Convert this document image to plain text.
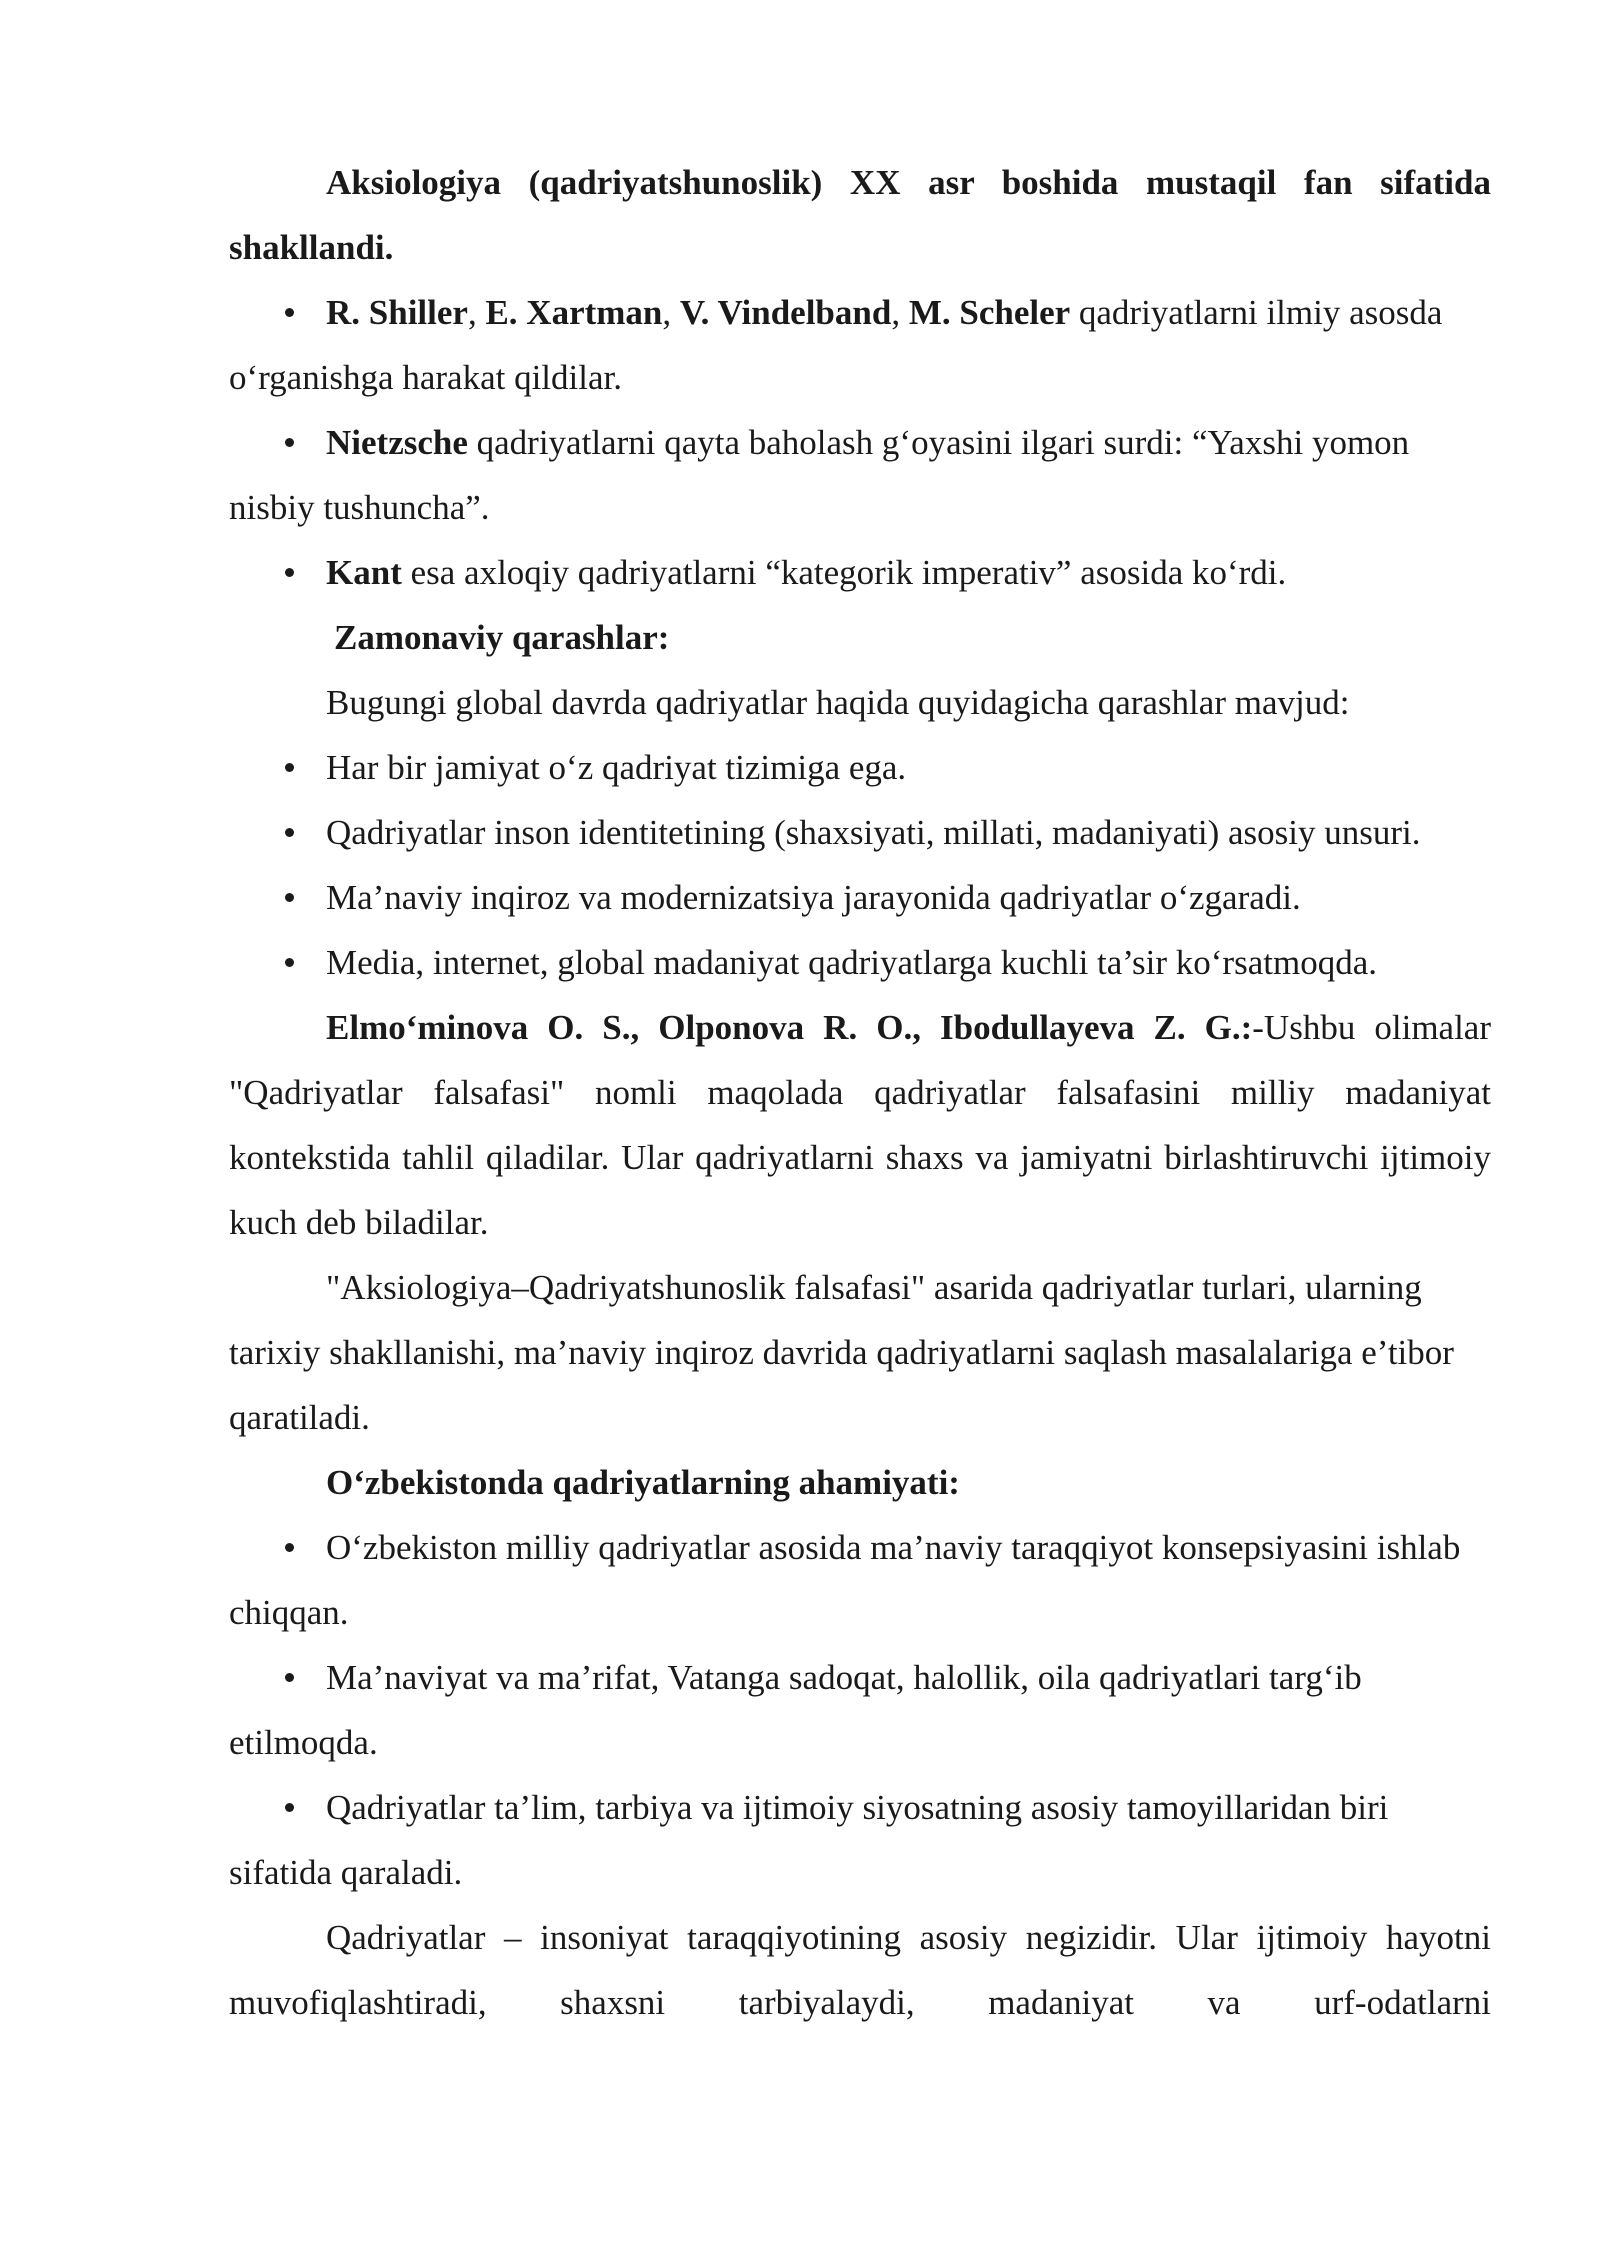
Aksiologiya (qadriyatshunoslik) XX asr boshida mustaqil fan sifatida shakllandi.

R. Shiller, E. Xartman, V. Vindelband, M. Scheler qadriyatlarni ilmiy asosda o‘rganishga harakat qildilar.

Nietzsche qadriyatlarni qayta baholash g‘oyasini ilgari surdi: “Yaxshi yomon nisbiy tushuncha”.

Kant esa axloqiy qadriyatlarni “kategorik imperativ” asosida ko‘rdi.

Zamonaviy qarashlar:

Bugungi global davrda qadriyatlar haqida quyidagicha qarashlar mavjud:

Har bir jamiyat o‘z qadriyat tizimiga ega.

Qadriyatlar inson identitetining (shaxsiyati, millati, madaniyati) asosiy unsuri.

Ma’naviy inqiroz va modernizatsiya jarayonida qadriyatlar o‘zgaradi.

Media, internet, global madaniyat qadriyatlarga kuchli ta’sir ko‘rsatmoqda.

Elmo‘minova O. S., Olponova R. O., Ibodullayeva Z. G.:-Ushbu olimalar "Qadriyatlar falsafasi" nomli maqolada qadriyatlar falsafasini milliy madaniyat kontekstida tahlil qiladilar. Ular qadriyatlarni shaxs va jamiyatni birlashtiruvchi ijtimoiy kuch deb biladilar.

"Aksiologiya–Qadriyatshunoslik falsafasi" asarida qadriyatlar turlari, ularning tarixiy shakllanishi, ma’naviy inqiroz davrida qadriyatlarni saqlash masalalariga e’tibor qaratiladi.

O‘zbekistonda qadriyatlarning ahamiyati:

O‘zbekiston milliy qadriyatlar asosida ma’naviy taraqqiyot konsepsiyasini ishlab chiqqan.

Ma’naviyat va ma’rifat, Vatanga sadoqat, halollik, oila qadriyatlari targ‘ib etilmoqda.

Qadriyatlar ta’lim, tarbiya va ijtimoiy siyosatning asosiy tamoyillaridan biri sifatida qaraladi.

Qadriyatlar – insoniyat taraqqiyotining asosiy negizidir. Ular ijtimoiy hayotni muvofiqlashtiradi, shaxsni tarbiyalaydi, madaniyat va urf-odatlarni
